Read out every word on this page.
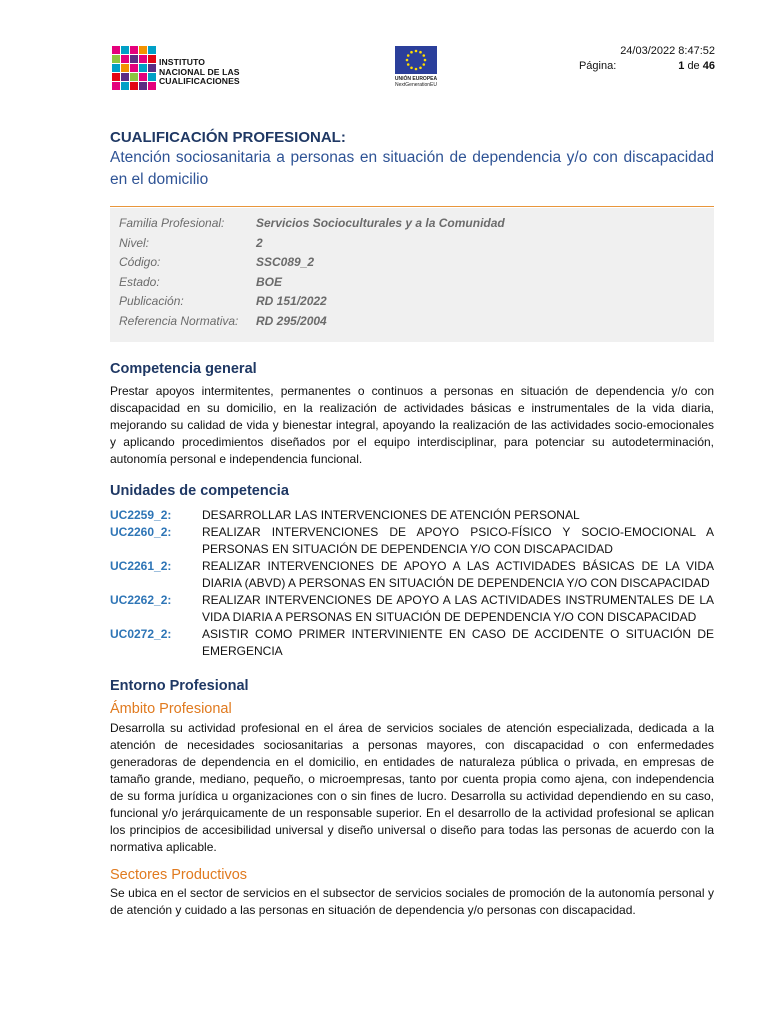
INSTITUTO
NACIONAL DE LAS
CUALIFICACIONES	UNIÓN EUROPEA
NextGenerationEU
24/03/2022 8:47:52
Página:	1
de
46
CUALIFICACIÓN PROFESIONAL:
Atención sociosanitaria a personas en situación de dependencia y/o con discapacidad en el domicilio
Familia Profesional:	Servicios Socioculturales y a la Comunidad
Nivel:	2
Código:	SSC089_2
Estado:	BOE
Publicación:	RD 151/2022
Referencia Normativa:	RD 295/2004
Competencia general
Prestar apoyos intermitentes, permanentes o continuos a personas en situación de dependencia y/o con discapacidad en su domicilio, en la realización de actividades básicas e instrumentales de la vida diaria, mejorando su calidad de vida y bienestar integral, apoyando la realización de las actividades socio-emocionales y aplicando procedimientos diseñados por el equipo interdisciplinar, para potenciar su autodeterminación, autonomía personal e independencia funcional.
Unidades de competencia
UC2259_2:	DESARROLLAR LAS INTERVENCIONES DE ATENCIÓN PERSONAL
UC2260_2:	REALIZAR INTERVENCIONES DE APOYO PSICO-FÍSICO Y SOCIO-EMOCIONAL A PERSONAS EN SITUACIÓN DE DEPENDENCIA Y/O CON DISCAPACIDAD
UC2261_2:	REALIZAR INTERVENCIONES DE APOYO A LAS ACTIVIDADES BÁSICAS DE LA VIDA DIARIA (ABVD) A PERSONAS EN SITUACIÓN DE DEPENDENCIA Y/O CON DISCAPACIDAD
UC2262_2:	REALIZAR INTERVENCIONES DE APOYO A LAS ACTIVIDADES INSTRUMENTALES DE LA VIDA DIARIA A PERSONAS EN SITUACIÓN DE DEPENDENCIA Y/O CON DISCAPACIDAD
UC0272_2:	ASISTIR COMO PRIMER INTERVINIENTE EN CASO DE ACCIDENTE O SITUACIÓN DE EMERGENCIA
Entorno Profesional
Ámbito Profesional
Desarrolla su actividad profesional en el área de servicios sociales de atención especializada, dedicada a la atención de necesidades sociosanitarias a personas mayores, con discapacidad o con enfermedades generadoras de dependencia en el domicilio, en entidades de naturaleza pública o privada, en empresas de tamaño grande, mediano, pequeño, o microempresas, tanto por cuenta propia como ajena, con independencia de su forma jurídica u organizaciones con o sin fines de lucro. Desarrolla su actividad dependiendo en su caso, funcional y/o jerárquicamente de un responsable superior. En el desarrollo de la actividad profesional se aplican los principios de accesibilidad universal y diseño universal o diseño para todas las personas de acuerdo con la normativa aplicable.
Sectores Productivos
Se ubica en el sector de servicios en el subsector de servicios sociales de promoción de la autonomía personal y de atención y cuidado a las personas en situación de dependencia y/o personas con discapacidad.
